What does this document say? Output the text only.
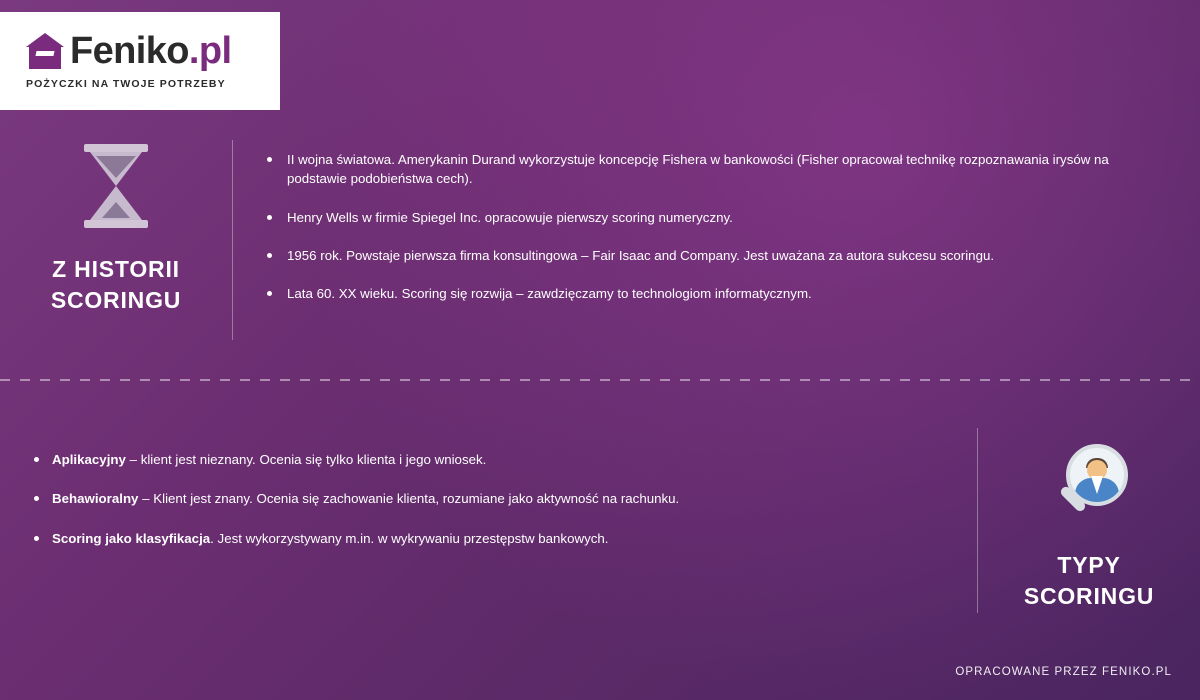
Feniko.pl
POŻYCZKI NA TWOJE POTRZEBY
Z HISTORII
SCORINGU
II wojna światowa. Amerykanin Durand wykorzystuje koncepcję Fishera w bankowości (Fisher opracował technikę rozpoznawania irysów na podstawie podobieństwa cech).
Henry Wells w firmie Spiegel Inc. opracowuje pierwszy scoring numeryczny.
1956 rok. Powstaje pierwsza firma konsultingowa – Fair Isaac and Company. Jest uważana za autora sukcesu scoringu.
Lata 60. XX wieku. Scoring się rozwija – zawdzięczamy to technologiom informatycznym.
Aplikacyjny – klient jest nieznany. Ocenia się tylko klienta i jego wniosek.
Behawioralny – Klient jest znany. Ocenia się zachowanie klienta, rozumiane jako aktywność na rachunku.
Scoring jako klasyfikacja. Jest wykorzystywany m.in. w wykrywaniu przestępstw bankowych.
TYPY
SCORINGU
OPRACOWANE PRZEZ FENIKO.PL
